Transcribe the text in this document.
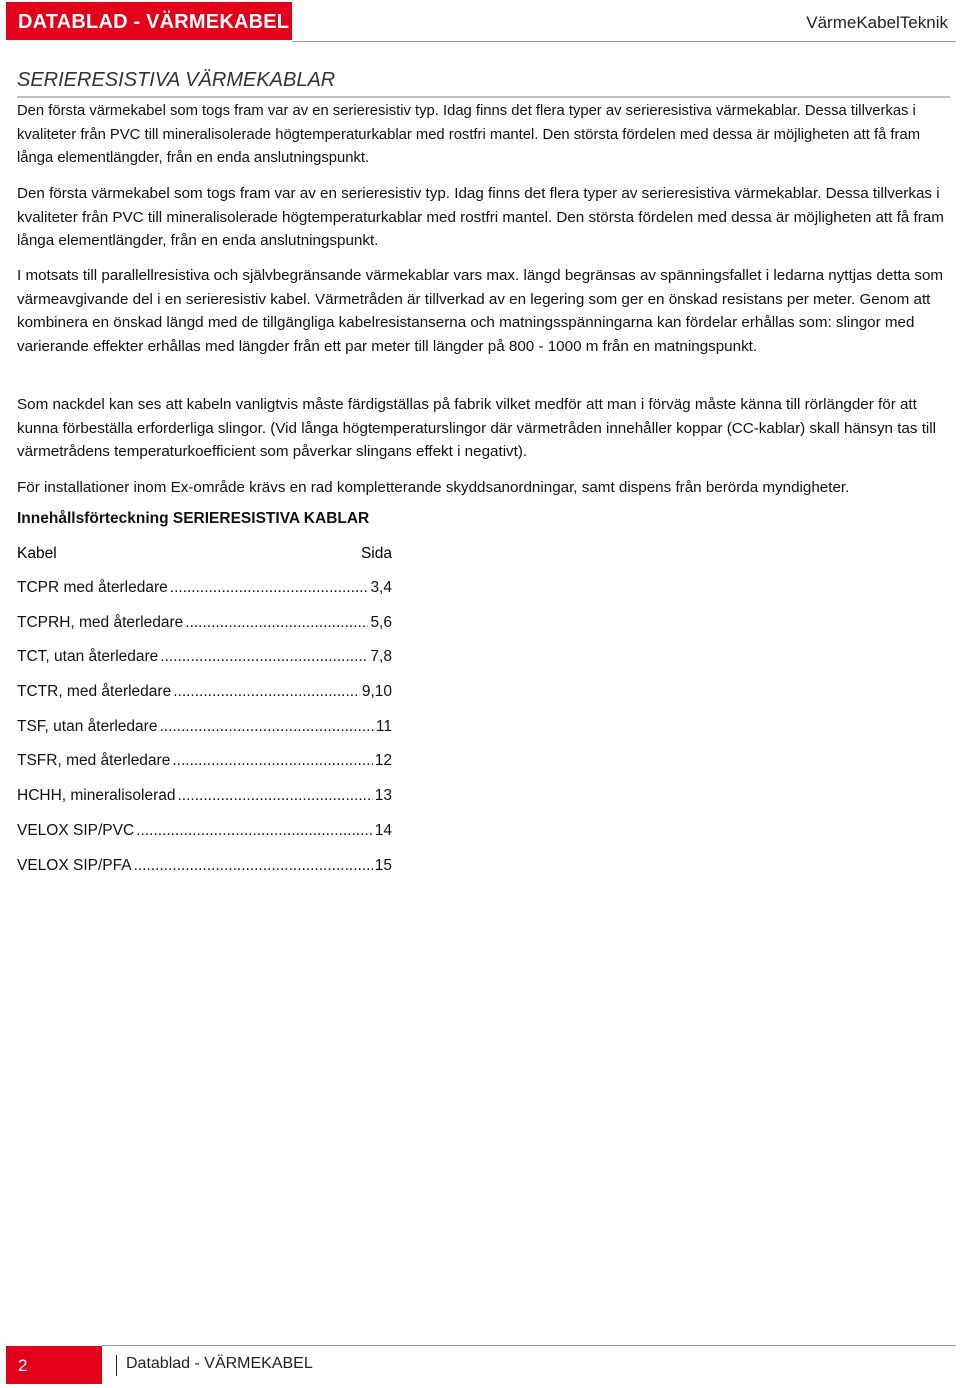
DATABLAD - VÄRMEKABEL	VärmeKabelTeknik
SERIERESISTIVA VÄRMEKABLAR
Den första värmekabel som togs fram var av en serieresistiv typ. Idag finns det flera typer av serieresistiva värmekablar. Dessa tillverkas i kvaliteter från PVC till mineralisolerade högtemperaturkablar med rostfri mantel. Den största fördelen med dessa är möjligheten att få fram långa elementlängder, från en enda anslutningspunkt.
Den första värmekabel som togs fram var av en serieresistiv typ. Idag finns det flera typer av serieresistiva värmekablar. Dessa tillverkas i kvaliteter från PVC till mineralisolerade högtemperaturkablar med rostfri mantel. Den största fördelen med dessa är möjligheten att få fram långa elementlängder, från en enda anslutningspunkt.
I motsats till parallellresistiva och självbegränsande värmekablar vars max. längd begränsas av spänningsfallet i ledarna nyttjas detta som värmeavgivande del i en serieresistiv kabel. Värmetråden är tillverkad av en legering som ger en önskad resistans per meter. Genom att kombinera en önskad längd med de tillgängliga kabelresistanserna och matningsspänningarna kan fördelar erhållas som: slingor med varierande effekter erhållas med längder från ett par meter till längder på 800 - 1000 m från en matningspunkt.
Som nackdel kan ses att kabeln vanligtvis måste färdigställas på fabrik vilket medför att man i förväg måste känna till rörlängder för att kunna förbeställa erforderliga slingor. (Vid långa högtemperaturslingor där värmetråden innehåller koppar (CC-kablar) skall hänsyn tas till värmetrådens temperaturkoefficient som påverkar slingans effekt i negativt).
För installationer inom Ex-område krävs en rad kompletterande skyddsanordningar, samt dispens från berörda myndigheter.
Innehållsförteckning SERIERESISTIVA KABLAR
Kabel	Sida
TCPR med återledare .....	3,4
TCPRH, med återledare .....	5,6
TCT, utan återledare .....	7,8
TCTR, med återledare .....	9,10
TSF, utan återledare .....	11
TSFR, med återledare .....	12
HCHH, mineralisolerad .....	13
VELOX SIP/PVC .....	14
VELOX SIP/PFA .....	15
2	Datablad - VÄRMEKABEL
